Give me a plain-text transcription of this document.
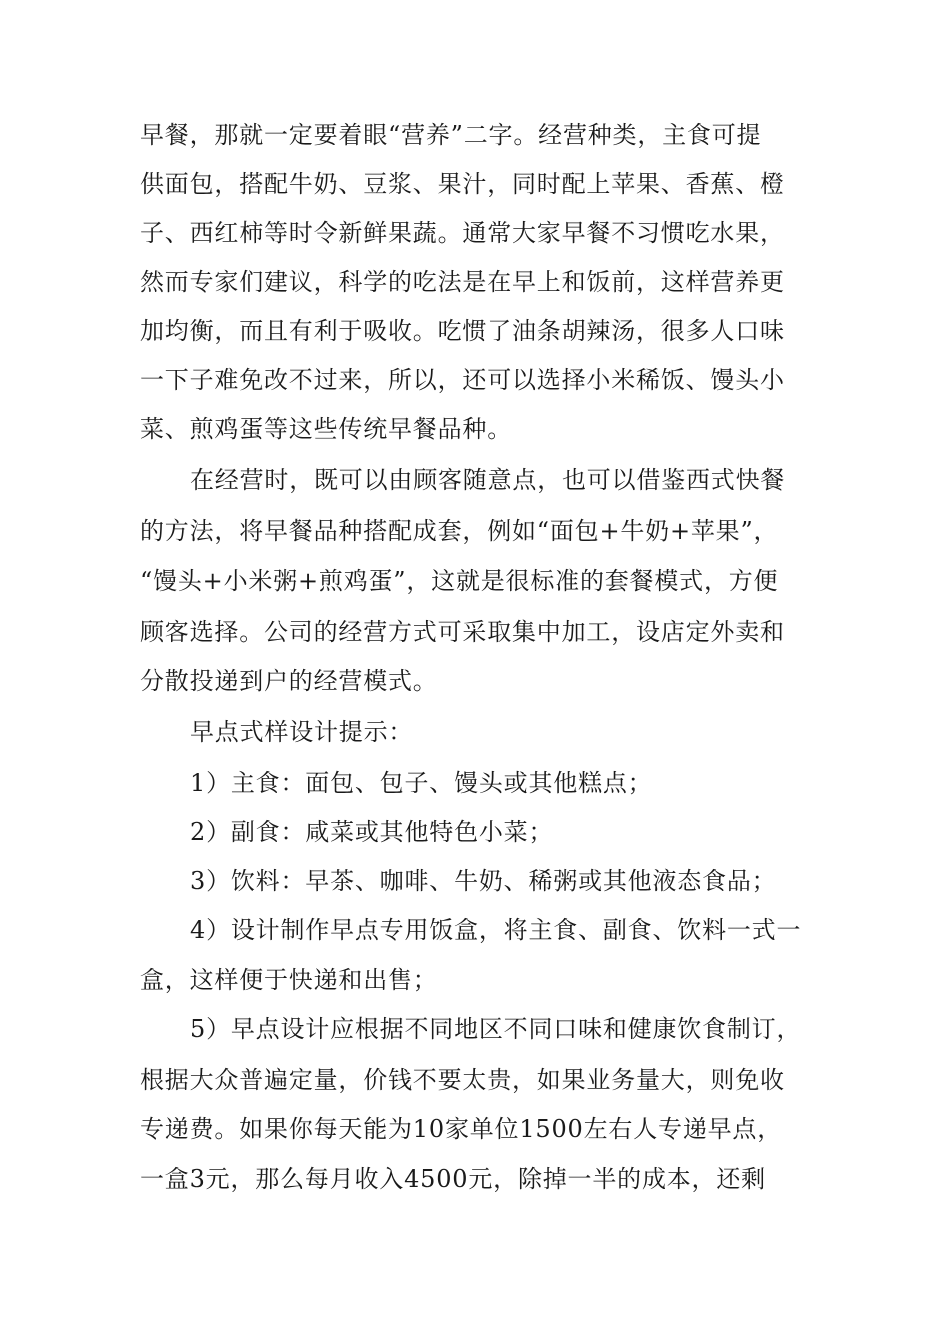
早餐，那就一定要着眼“营养”二字。经营种类，主食可提
供面包，搭配牛奶、豆浆、果汁，同时配上苹果、香蕉、橙
子、西红柿等时令新鲜果蔬。通常大家早餐不习惯吃水果，
然而专家们建议，科学的吃法是在早上和饭前，这样营养更
加均衡，而且有利于吸收。吃惯了油条胡辣汤，很多人口味
一下子难免改不过来，所以，还可以选择小米稀饭、馒头小
菜、煎鸡蛋等这些传统早餐品种。
在经营时，既可以由顾客随意点，也可以借鉴西式快餐
的方法，将早餐品种搭配成套，例如“面包+牛奶+苹果”，
“馒头+小米粥+煎鸡蛋”，这就是很标准的套餐模式，方便
顾客选择。公司的经营方式可采取集中加工，设店定外卖和
分散投递到户的经营模式。
早点式样设计提示：
1）主食：面包、包子、馒头或其他糕点；
2）副食：咸菜或其他特色小菜；
3）饮料：早茶、咖啡、牛奶、稀粥或其他液态食品；
4）设计制作早点专用饭盒，将主食、副食、饮料一式一
盒，这样便于快递和出售；
5）早点设计应根据不同地区不同口味和健康饮食制订，
根据大众普遍定量，价钱不要太贵，如果业务量大，则免收
专递费。如果你每天能为10家单位1500左右人专递早点，
一盒3元，那么每月收入4500元，除掉一半的成本，还剩
